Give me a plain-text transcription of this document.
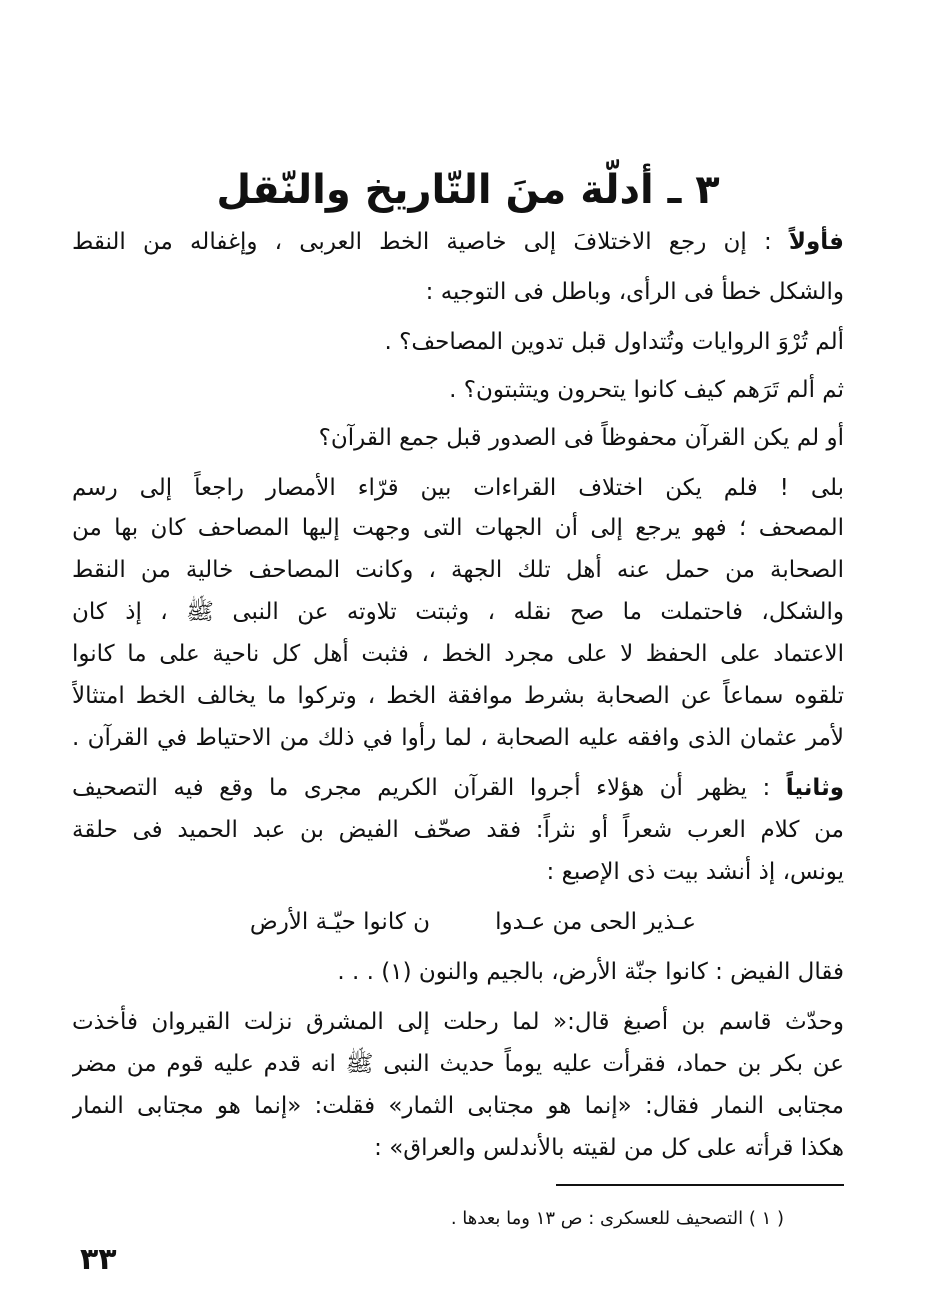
٣ ـ أدلّة منَ التّاريخ والنّقل
فأولاً : إن رجع الاختلافَ إلى خاصية الخط العربى ، وإغفاله من النقط
والشكل خطأ فى الرأى، وباطل فى التوجيه :
ألم تُرْوَ الروايات وتُتداول قبل تدوين المصاحف؟ .
ثم ألم تَرَهم كيف كانوا يتحرون ويتثبتون؟ .
أو لم يكن القرآن محفوظاً فى الصدور قبل جمع القرآن؟
بلى ! فلم يكن اختلاف القراءات بين قرّاء الأمصار راجعاً إلى رسم
المصحف ؛ فهو يرجع إلى أن الجهات التى وجهت إليها المصاحف كان بها من
الصحابة من حمل عنه أهل تلك الجهة ، وكانت المصاحف خالية من النقط
والشكل، فاحتملت ما صح نقله ، وثبتت تلاوته عن النبى ﷺ ، إذ كان
الاعتماد على الحفظ لا على مجرد الخط ، فثبت أهل كل ناحية على ما كانوا
تلقوه سماعاً عن الصحابة بشرط موافقة الخط ، وتركوا ما يخالف الخط امتثالاً
لأمر عثمان الذى وافقه عليه الصحابة ، لما رأوا في ذلك من الاحتياط في القرآن .
وثانياً : يظهر أن هؤلاء أجروا القرآن الكريم مجرى ما وقع فيه التصحيف
من كلام العرب شعراً أو نثراً: فقد صحّف الفيض بن عبد الحميد فى حلقة
يونس، إذ أنشد بيت ذى الإصبع :
عـذير الحى من عـدوا
ن كانوا حيّـة الأرض
فقال الفيض : كانوا جنّة الأرض، بالجيم والنون (١) . . .
وحدّث قاسم بن أصبغ قال:« لما رحلت إلى المشرق نزلت القيروان فأخذت
عن بكر بن حماد، فقرأت عليه يوماً حديث النبى ﷺ انه قدم عليه قوم من مضر
مجتابى النمار فقال: «إنما هو مجتابى الثمار» فقلت: «إنما هو مجتابى النمار
هكذا قرأته على كل من لقيته بالأندلس والعراق» :
( ١ ) التصحيف للعسكرى : ص ١٣ وما بعدها .
٣٣
